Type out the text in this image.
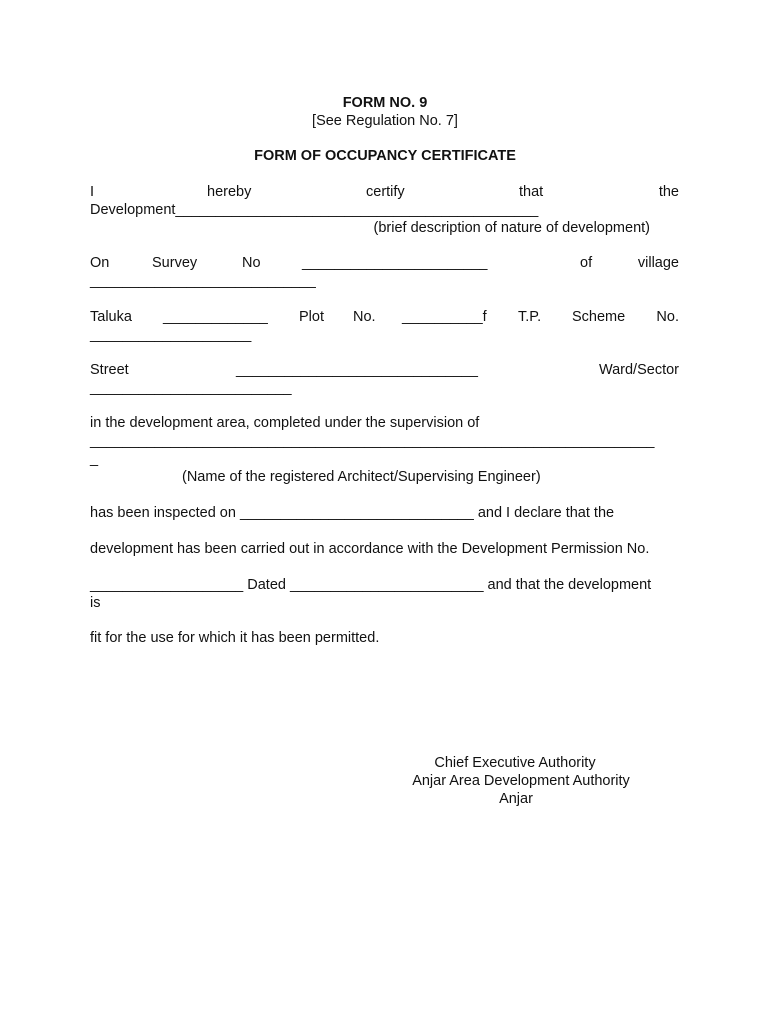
FORM NO. 9
[See Regulation No. 7]
FORM OF OCCUPANCY CERTIFICATE
I	hereby	certify	that	the
Development_____________________________________________
(brief description of nature of development)
On	Survey	No	_______________________	of	village
____________________________
Taluka _____________ Plot No. __________f T.P. Scheme No.
____________________
Street	______________________________	Ward/Sector
_________________________
in the development area, completed under the supervision of
______________________________________________________________________
_
(Name of the registered Architect/Supervising Engineer)
has been inspected on _____________________________ and I declare that the
development has been carried out in accordance with the Development Permission No.
___________________ Dated ________________________ and that the development
is
fit for the use for which it has been permitted.
Chief Executive Authority
Anjar Area Development Authority
Anjar
